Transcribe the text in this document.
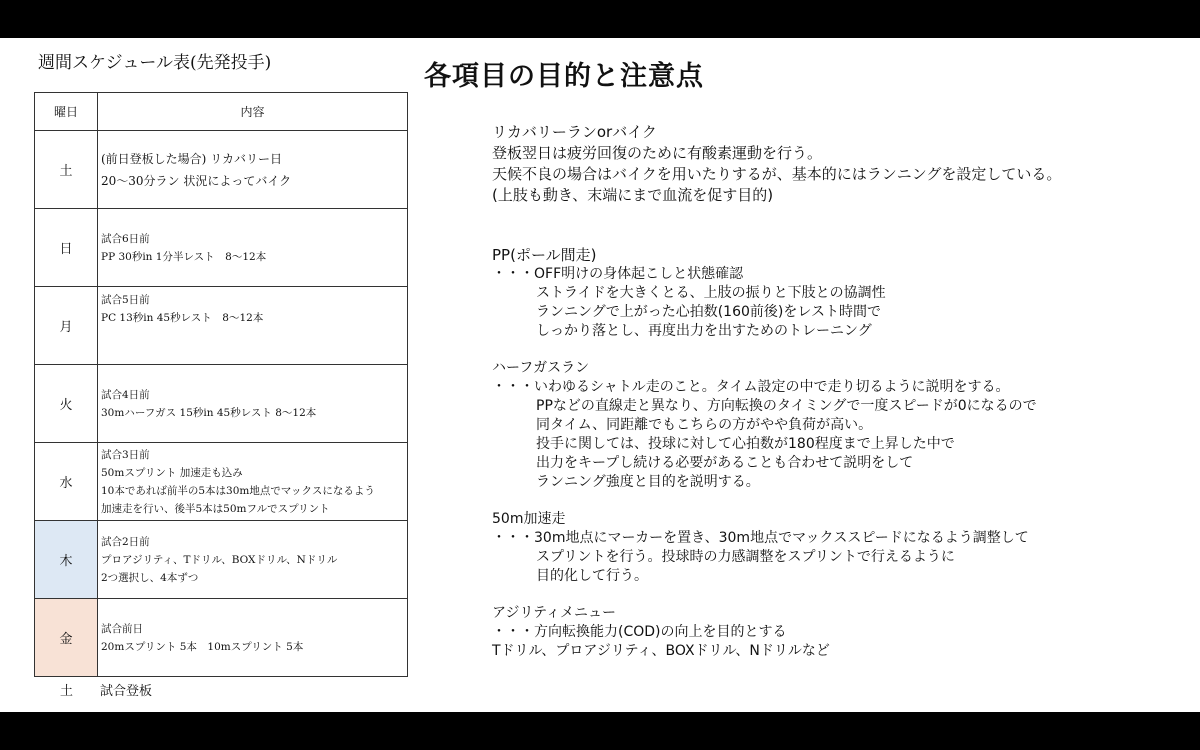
週間スケジュール表(先発投手)
曜日	内容
土	(前日登板した場合) リカバリー日
20〜30分ラン 状況によってバイク

日	試合6日前
PP 30秒in 1分半レスト　8〜12本

月	試合5日前
PC 13秒in 45秒レスト　8〜12本

火	試合4日前
30mハーフガス 15秒in 45秒レスト 8〜12本

水	試合3日前
50mスプリント 加速走も込み
10本であれば前半の5本は30m地点でマックスになるよう
加速走を行い、後半5本は50mフルでスプリント

木	試合2日前
プロアジリティ、Tドリル、BOXドリル、Nドリル
2つ選択し、4本ずつ

金	試合前日
20mスプリント 5本　10mスプリント 5本
土 試合登板
各項目の目的と注意点

リカバリーランorバイク

登板翌日は疲労回復のために有酸素運動を行う。

天候不良の場合はバイクを用いたりするが、基本的にはランニングを設定している。

(上肢も動き、末端にまで血流を促す目的)

PP(ポール間走)

・・・OFF明けの身体起こしと状態確認

ストライドを大きくとる、上肢の振りと下肢との協調性

ランニングで上がった心拍数(160前後)をレスト時間で

しっかり落とし、再度出力を出すためのトレーニング

ハーフガスラン

・・・いわゆるシャトル走のこと。タイム設定の中で走り切るように説明をする。

PPなどの直線走と異なり、方向転換のタイミングで一度スピードが0になるので

同タイム、同距離でもこちらの方がやや負荷が高い。

投手に関しては、投球に対して心拍数が180程度まで上昇した中で

出力をキープし続ける必要があることも合わせて説明をして

ランニング強度と目的を説明する。

50m加速走

・・・30m地点にマーカーを置き、30m地点でマックススピードになるよう調整して

スプリントを行う。投球時の力感調整をスプリントで行えるように

目的化して行う。

アジリティメニュー

・・・方向転換能力(COD)の向上を目的とする

Tドリル、プロアジリティ、BOXドリル、Nドリルなど
